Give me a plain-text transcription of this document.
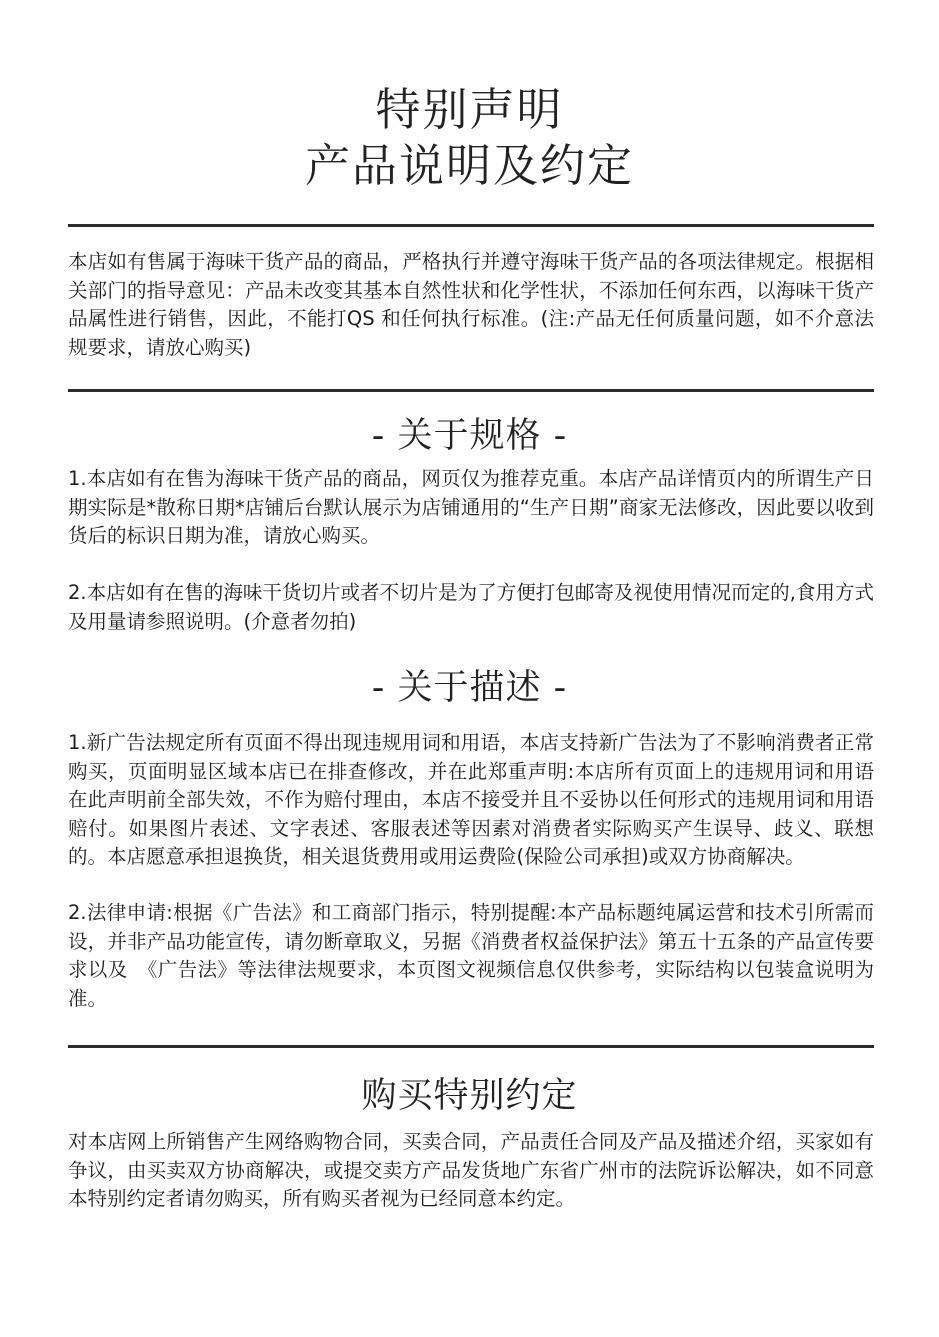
特别声明
产品说明及约定

本店如有售属于海味干货产品的商品，严格执行并遵守海味干货产品的各项法律规定。根据相关部门的指导意见：产品未改变其基本自然性状和化学性状，不添加任何东西，以海味干货产品属性进行销售，因此，不能打QS 和任何执行标准。(注:产品无任何质量问题，如不介意法规要求，请放心购买)

- 关于规格 -

1.本店如有在售为海味干货产品的商品，网页仅为推荐克重。本店产品详情页内的所谓生产日期实际是*散称日期*店铺后台默认展示为店铺通用的“生产日期”商家无法修改，因此要以收到货后的标识日期为准，请放心购买。

2.本店如有在售的海味干货切片或者不切片是为了方便打包邮寄及视使用情况而定的,食用方式及用量请参照说明。(介意者勿拍)

- 关于描述 -

1.新广告法规定所有页面不得出现违规用词和用语，本店支持新广告法为了不影响消费者正常购买，页面明显区域本店已在排查修改，并在此郑重声明:本店所有页面上的违规用词和用语在此声明前全部失效，不作为赔付理由，本店不接受并且不妥协以任何形式的违规用词和用语赔付。如果图片表述、文字表述、客服表述等因素对消费者实际购买产生误导、歧义、联想的。本店愿意承担退换货，相关退货费用或用运费险(保险公司承担)或双方协商解决。

2.法律申请:根据《广告法》和工商部门指示，特别提醒:本产品标题纯属运营和技术引所需而设，并非产品功能宣传，请勿断章取义，另据《消费者权益保护法》第五十五条的产品宣传要求以及　《广告法》等法律法规要求，本页图文视频信息仅供参考，实际结构以包装盒说明为准。

购买特别约定

对本店网上所销售产生网络购物合同，买卖合同，产品责任合同及产品及描述介绍，买家如有争议，由买卖双方协商解决，或提交卖方产品发货地广东省广州市的法院诉讼解决，如不同意本特别约定者请勿购买，所有购买者视为已经同意本约定。
